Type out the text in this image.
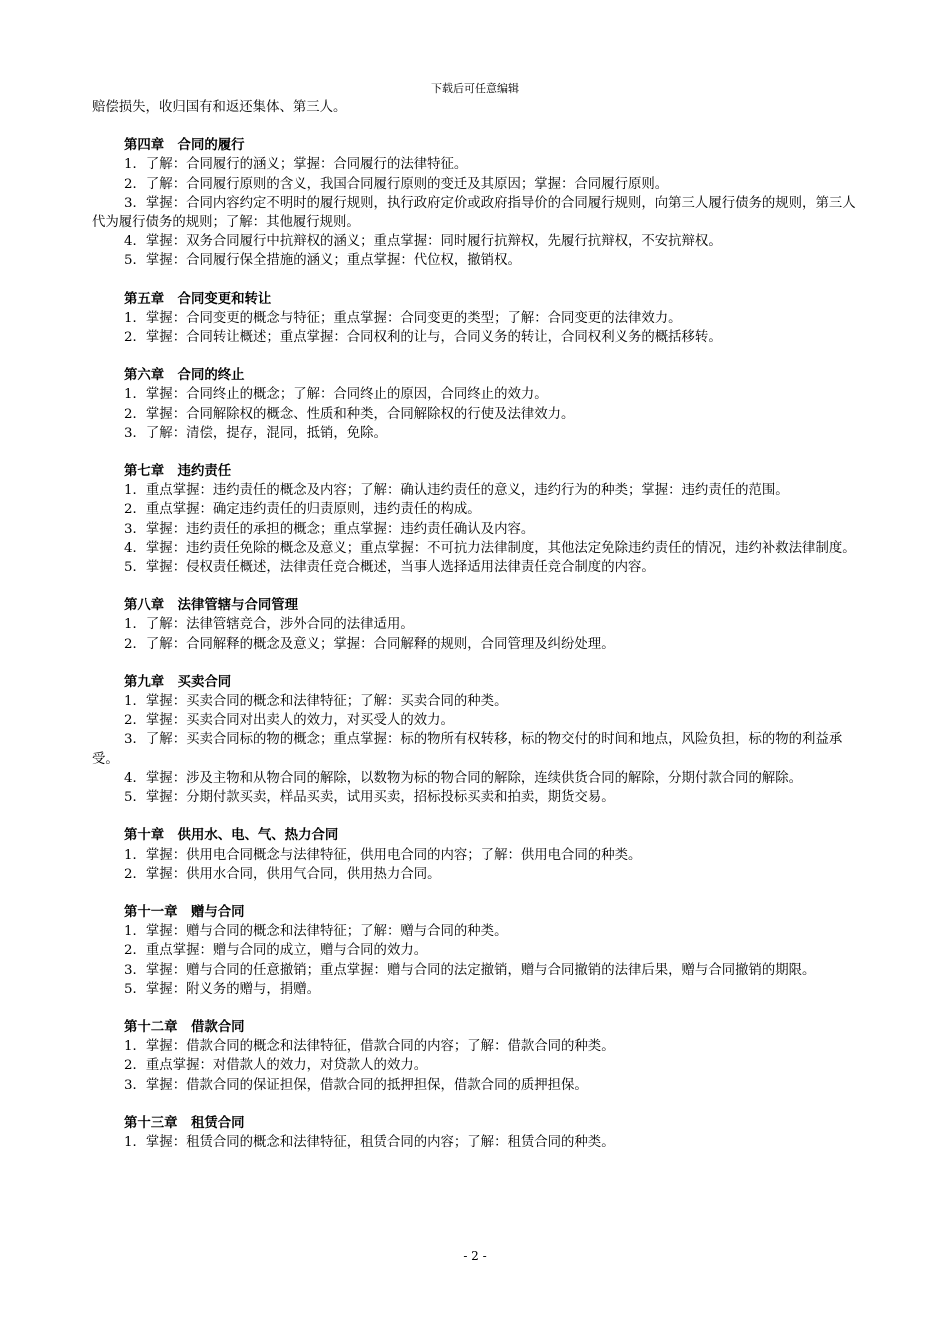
下载后可任意编辑

赔偿损失，收归国有和返还集体、第三人。

第四章　合同的履行

1．了解：合同履行的涵义；掌握：合同履行的法律特征。

2．了解：合同履行原则的含义，我国合同履行原则的变迁及其原因；掌握：合同履行原则。

3．掌握：合同内容约定不明时的履行规则，执行政府定价或政府指导价的合同履行规则，向第三人履行债务的规则，第三人代为履行债务的规则；了解：其他履行规则。

4．掌握：双务合同履行中抗辩权的涵义；重点掌握：同时履行抗辩权，先履行抗辩权，不安抗辩权。

5．掌握：合同履行保全措施的涵义；重点掌握：代位权，撤销权。

第五章　合同变更和转让

1．掌握：合同变更的概念与特征；重点掌握：合同变更的类型；了解：合同变更的法律效力。

2．掌握：合同转让概述；重点掌握：合同权利的让与，合同义务的转让，合同权利义务的概括移转。

第六章　合同的终止

1．掌握：合同终止的概念；了解：合同终止的原因，合同终止的效力。

2．掌握：合同解除权的概念、性质和种类，合同解除权的行使及法律效力。

3．了解：清偿，提存，混同，抵销，免除。

第七章　违约责任

1．重点掌握：违约责任的概念及内容；了解：确认违约责任的意义，违约行为的种类；掌握：违约责任的范围。

2．重点掌握：确定违约责任的归责原则，违约责任的构成。

3．掌握：违约责任的承担的概念；重点掌握：违约责任确认及内容。

4．掌握：违约责任免除的概念及意义；重点掌握：不可抗力法律制度，其他法定免除违约责任的情况，违约补救法律制度。

5．掌握：侵权责任概述，法律责任竞合概述，当事人选择适用法律责任竞合制度的内容。

第八章　法律管辖与合同管理

1．了解：法律管辖竞合，涉外合同的法律适用。

2．了解：合同解释的概念及意义；掌握：合同解释的规则，合同管理及纠纷处理。

第九章　买卖合同

1．掌握：买卖合同的概念和法律特征；了解：买卖合同的种类。

2．掌握：买卖合同对出卖人的效力，对买受人的效力。

3．了解：买卖合同标的物的概念；重点掌握：标的物所有权转移，标的物交付的时间和地点，风险负担，标的物的利益承受。

4．掌握：涉及主物和从物合同的解除，以数物为标的物合同的解除，连续供货合同的解除，分期付款合同的解除。

5．掌握：分期付款买卖，样品买卖，试用买卖，招标投标买卖和拍卖，期货交易。

第十章　供用水、电、气、热力合同

1．掌握：供用电合同概念与法律特征，供用电合同的内容；了解：供用电合同的种类。

2．掌握：供用水合同，供用气合同，供用热力合同。

第十一章　赠与合同

1．掌握：赠与合同的概念和法律特征；了解：赠与合同的种类。

2．重点掌握：赠与合同的成立，赠与合同的效力。

3．掌握：赠与合同的任意撤销；重点掌握：赠与合同的法定撤销，赠与合同撤销的法律后果，赠与合同撤销的期限。

5．掌握：附义务的赠与，捐赠。

第十二章　借款合同

1．掌握：借款合同的概念和法律特征，借款合同的内容；了解：借款合同的种类。

2．重点掌握：对借款人的效力，对贷款人的效力。

3．掌握：借款合同的保证担保，借款合同的抵押担保，借款合同的质押担保。

第十三章　租赁合同

1．掌握：租赁合同的概念和法律特征，租赁合同的内容；了解：租赁合同的种类。

- 2 -
